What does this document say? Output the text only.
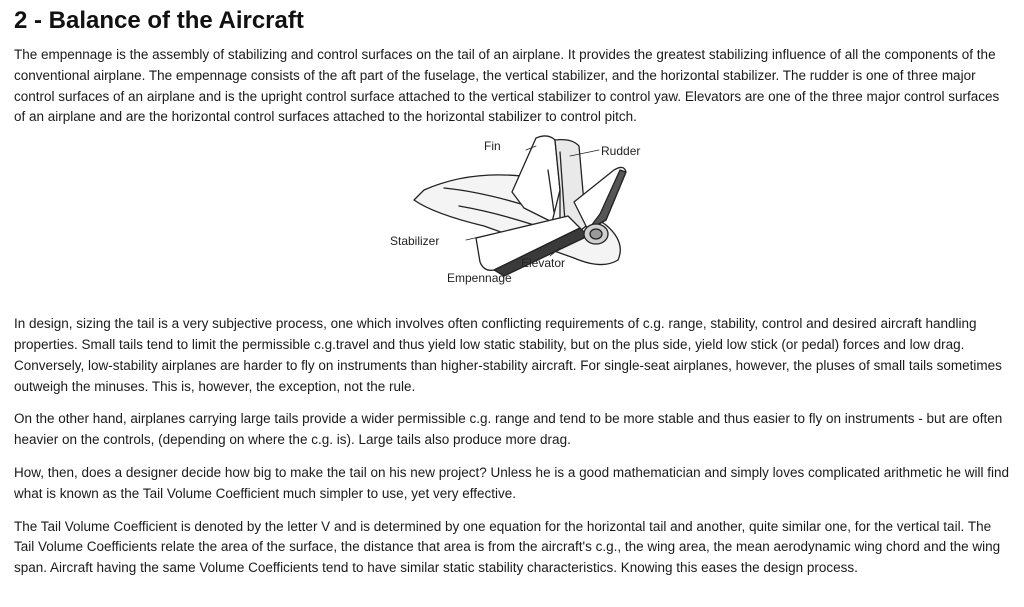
2 - Balance of the Aircraft

The empennage is the assembly of stabilizing and control surfaces on the tail of an airplane. It provides the greatest stabilizing influence of all the components of the conventional airplane. The empennage consists of the aft part of the fuselage, the vertical stabilizer, and the horizontal stabilizer. The rudder is one of three major control surfaces of an airplane and is the upright control surface attached to the vertical stabilizer to control yaw. Elevators are one of the three major control surfaces of an airplane and are the horizontal control surfaces attached to the horizontal stabilizer to control pitch.

Fin	Rudder
Stabilizer
Elevator
Empennage

In design, sizing the tail is a very subjective process, one which involves often conflicting requirements of c.g. range, stability, control and desired aircraft handling properties. Small tails tend to limit the permissible c.g.travel and thus yield low static stability, but on the plus side, yield low stick (or pedal) forces and low drag. Conversely, low-stability airplanes are harder to fly on instruments than higher-stability aircraft. For single-seat airplanes, however, the pluses of small tails sometimes outweigh the minuses. This is, however, the exception, not the rule.

On the other hand, airplanes carrying large tails provide a wider permissible c.g. range and tend to be more stable and thus easier to fly on instruments - but are often heavier on the controls, (depending on where the c.g. is). Large tails also produce more drag.

How, then, does a designer decide how big to make the tail on his new project? Unless he is a good mathematician and simply loves complicated arithmetic he will find what is known as the Tail Volume Coefficient much simpler to use, yet very effective.

The Tail Volume Coefficient is denoted by the letter V and is determined by one equation for the horizontal tail and another, quite similar one, for the vertical tail. The Tail Volume Coefficients relate the area of the surface, the distance that area is from the aircraft's c.g., the wing area, the mean aerodynamic wing chord and the wing span. Aircraft having the same Volume Coefficients tend to have similar static stability characteristics. Knowing this eases the design process.
